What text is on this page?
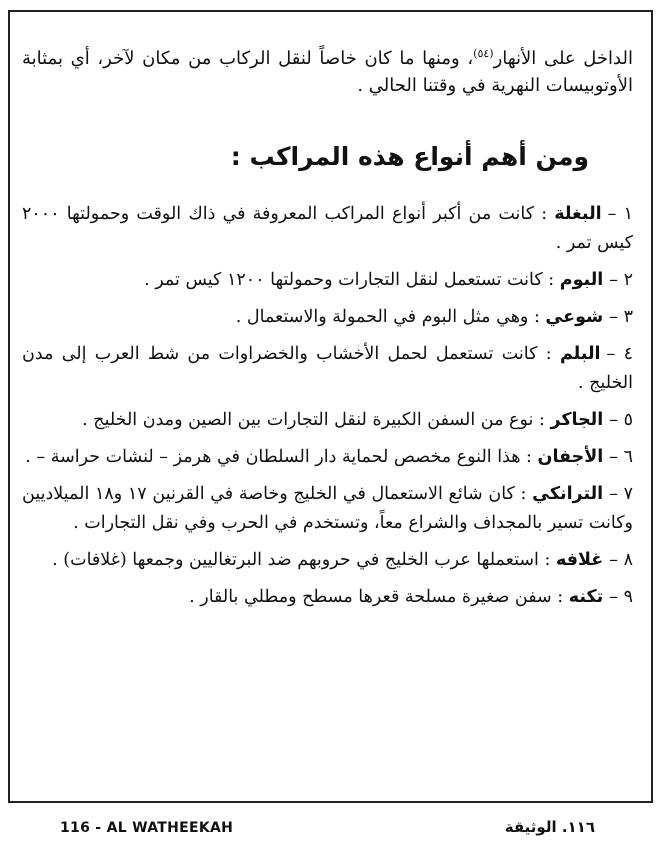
الداخل على الأنهار$^{(٥٤)}$، ومنها ما كان خاصاً لنقل الركاب من مكان لآخر، أي بمثابة الأوتوبيسات النهرية في وقتنا الحالي .
ومن أهم أنواع هذه المراكب :
١ –البغلة : كانت من أكبر أنواع المراكب المعروفة في ذاك الوقت وحمولتها ٢٠٠٠ كيس تمر .
٢ –البوم : كانت تستعمل لنقل التجارات وحمولتها ١٢٠٠ كيس تمر .
٣ –شوعي : وهي مثل البوم في الحمولة والاستعمال .
٤ –البلم : كانت تستعمل لحمل الأخشاب والخضراوات من شط العرب إلى مدن الخليج .
٥ –الجاكر : نوع من السفن الكبيرة لنقل التجارات بين الصين ومدن الخليج .
٦ –الأجفان : هذا النوع مخصص لحماية دار السلطان في هرمز – لنشات حراسة – .
٧ –الترانكي : كان شائع الاستعمال في الخليج وخاصة في القرنين ١٧ و١٨ الميلاديين وكانت تسير بالمجداف والشراع معاً، وتستخدم في الحرب وفي نقل التجارات .
٨ –غلافه : استعملها عرب الخليج في حروبهم ضد البرتغاليين وجمعها (غلافات) .
٩ –تكنه : سفن صغيرة مسلحة قعرها مسطح ومطلي بالقار .
116 - AL WATHEEKAH	١١٦. الوثيقة
